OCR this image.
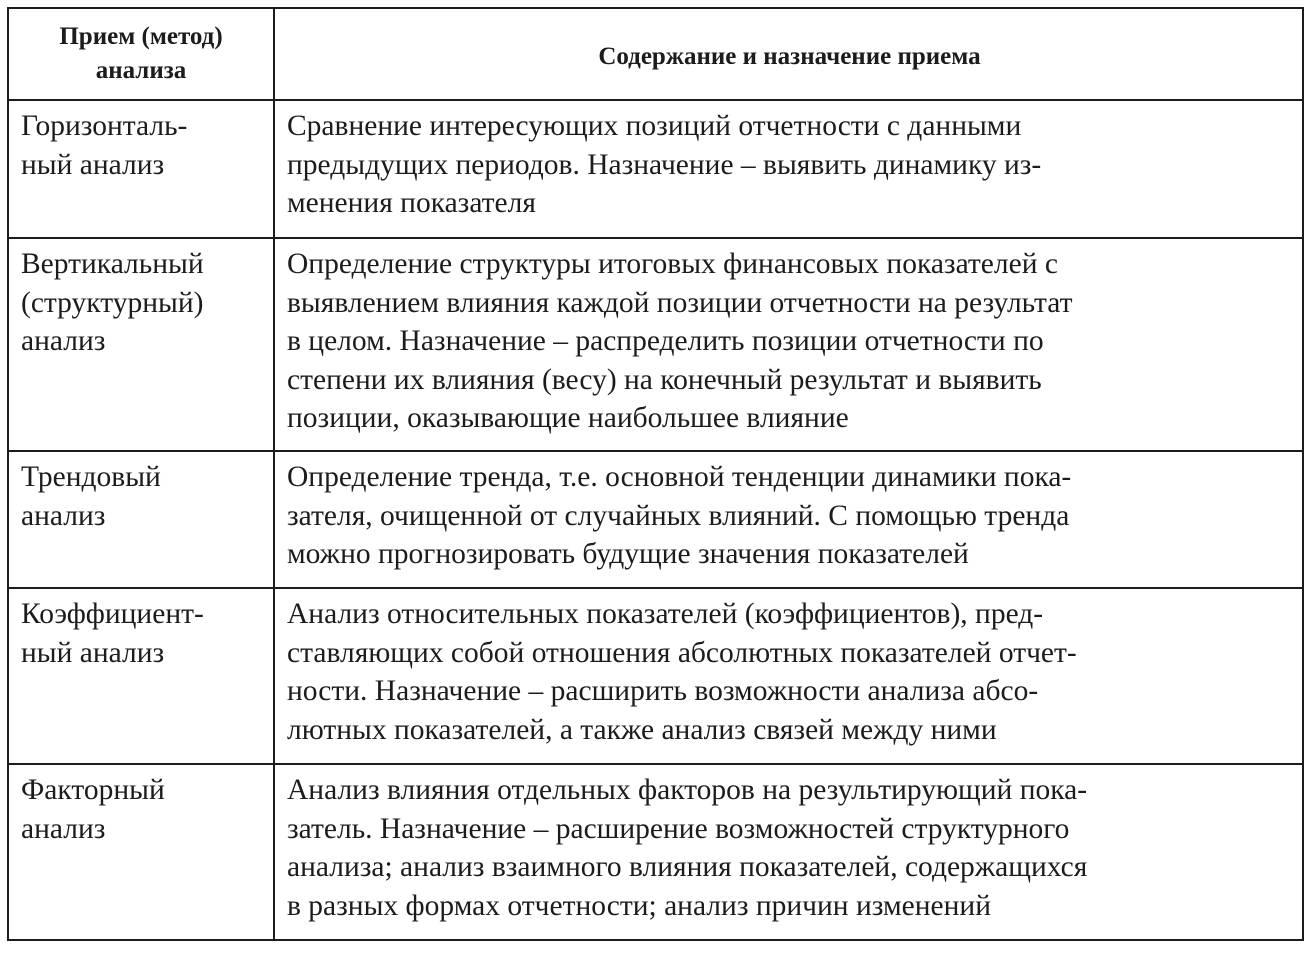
Прием (метод)
анализа
Содержание и назначение приема
Горизонталь-
ный анализ
Сравнение интересующих позиций отчетности с данными
предыдущих периодов. Назначение – выявить динамику из-
менения показателя
Вертикальный
(структурный)
анализ
Определение структуры итоговых финансовых показателей с
выявлением влияния каждой позиции отчетности на результат
в целом. Назначение – распределить позиции отчетности по
степени их влияния (весу) на конечный результат и выявить
позиции, оказывающие наибольшее влияние
Трендовый
анализ
Определение тренда, т.е. основной тенденции динамики пока-
зателя, очищенной от случайных влияний. С помощью тренда
можно прогнозировать будущие значения показателей
Коэффициент-
ный анализ
Анализ относительных показателей (коэффициентов), пред-
ставляющих собой отношения абсолютных показателей отчет-
ности. Назначение – расширить возможности анализа абсо-
лютных показателей, а также анализ связей между ними
Факторный
анализ
Анализ влияния отдельных факторов на результирующий пока-
затель. Назначение – расширение возможностей структурного
анализа; анализ взаимного влияния показателей, содержащихся
в разных формах отчетности; анализ причин изменений
